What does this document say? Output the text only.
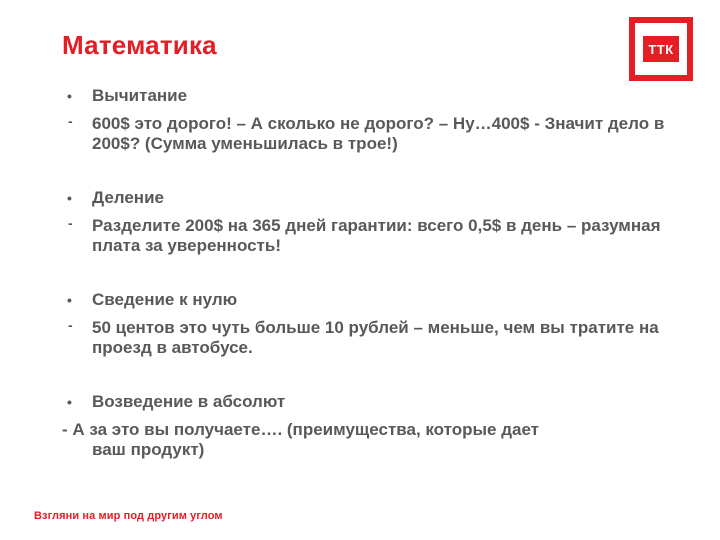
Математика	ТТК
• Вычитание
- 600$ это дорого! – А сколько не дорого? – Ну…400$ - Значит дело в 200$? (Сумма уменьшилась в трое!)
• Деление
- Разделите 200$ на 365 дней гарантии: всего 0,5$ в день – разумная плата за уверенность!
• Сведение к нулю
- 50 центов это чуть больше 10 рублей – меньше, чем вы тратите на проезд в автобусе.
• Возведение в абсолют
- А за это вы получаете…. (преимущества, которые дает
ваш продукт)
Взгляни на мир под другим углом
